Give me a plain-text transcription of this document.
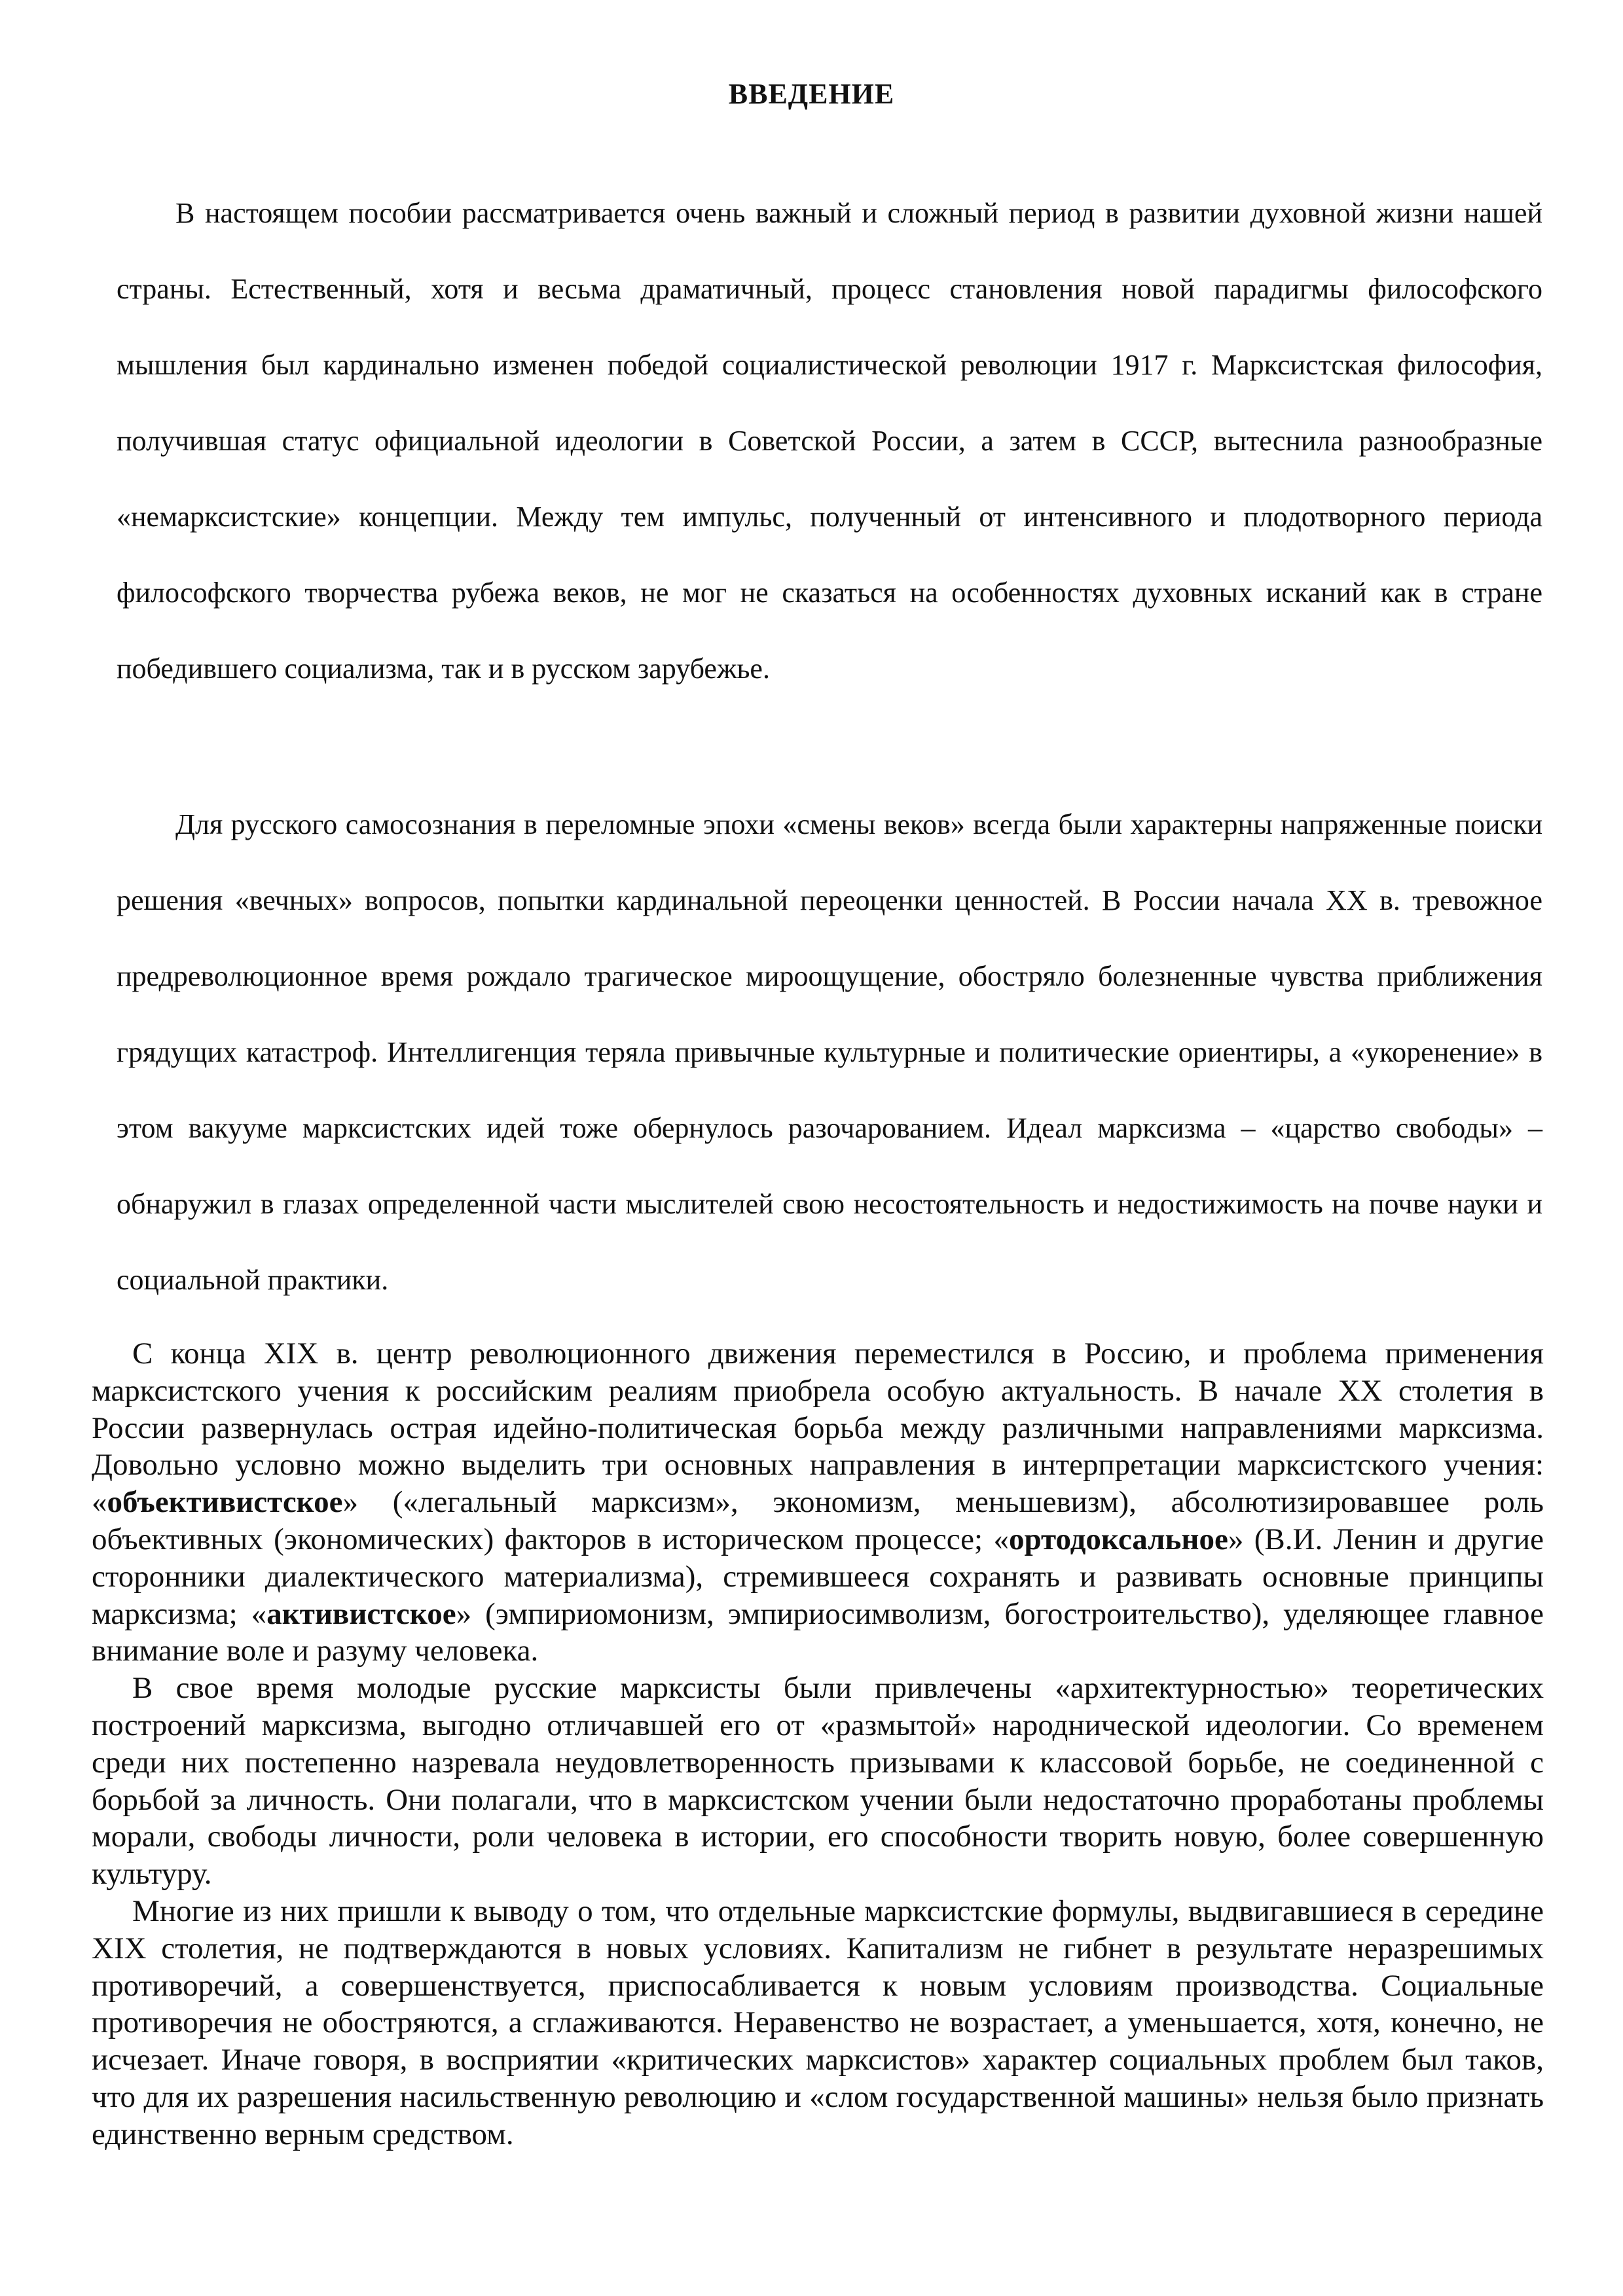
ВВЕДЕНИЕ

В настоящем пособии рассматривается очень важный и сложный период в развитии духовной жизни нашей страны. Естественный, хотя и весьма драматичный, процесс становления новой парадигмы философского мышления был кардинально изменен победой социалистической революции 1917 г. Марксистская философия, получившая статус официальной идеологии в Советской России, а затем в СССР, вытеснила разнообразные «немарксистские» концепции. Между тем импульс, полученный от интенсивного и плодотворного периода философского творчества рубежа веков, не мог не сказаться на особенностях духовных исканий как в стране победившего социализма, так и в русском зарубежье.

Для русского самосознания в переломные эпохи «смены веков» всегда были характерны напряженные поиски решения «вечных» вопросов, попытки кардинальной переоценки ценностей. В России начала XX в. тревожное предреволюционное время рождало трагическое мироощущение, обостряло болезненные чувства приближения грядущих катастроф. Интеллигенция теряла привычные культурные и политические ориентиры, а «укоренение» в этом вакууме марксистских идей тоже обернулось разочарованием. Идеал марксизма – «царство свободы» – обнаружил в глазах определенной части мыслителей свою несостоятельность и недостижимость на почве науки и социальной практики.

С конца XIX в. центр революционного движения переместился в Россию, и проблема применения марксистского учения к российским реалиям приобрела особую актуальность. В начале XX столетия в России развернулась острая идейно-политическая борьба между различными направлениями марксизма. Довольно условно можно выделить три основных направления в интерпретации марксистского учения: «объективистское» («легальный марксизм», экономизм, меньшевизм), абсолютизировавшее роль объективных (экономических) факторов в историческом процессе; «ортодоксальное» (В.И. Ленин и другие сторонники диалектического материализма), стремившееся сохранять и развивать основные принципы марксизма; «активистское» (эмпириомонизм, эмпириосимволизм, богостроительство), уделяющее главное внимание воле и разуму человека.

В свое время молодые русские марксисты были привлечены «архитектурностью» теоретических построений марксизма, выгодно отличавшей его от «размытой» народнической идеологии. Со временем среди них постепенно назревала неудовлетворенность призывами к классовой борьбе, не соединенной с борьбой за личность. Они полагали, что в марксистском учении были недостаточно проработаны проблемы морали, свободы личности, роли человека в истории, его способности творить новую, более совершенную культуру.

Многие из них пришли к выводу о том, что отдельные марксистские формулы, выдвигавшиеся в середине XIX столетия, не подтверждаются в новых условиях. Капитализм не гибнет в результате неразрешимых противоречий, а совершенствуется, приспосабливается к новым условиям производства. Социальные противоречия не обостряются, а сглаживаются. Неравенство не возрастает, а уменьшается, хотя, конечно, не исчезает. Иначе говоря, в восприятии «критических марксистов» характер социальных проблем был таков, что для их разрешения насильственную революцию и «слом государственной машины» нельзя было признать единственно верным средством.
